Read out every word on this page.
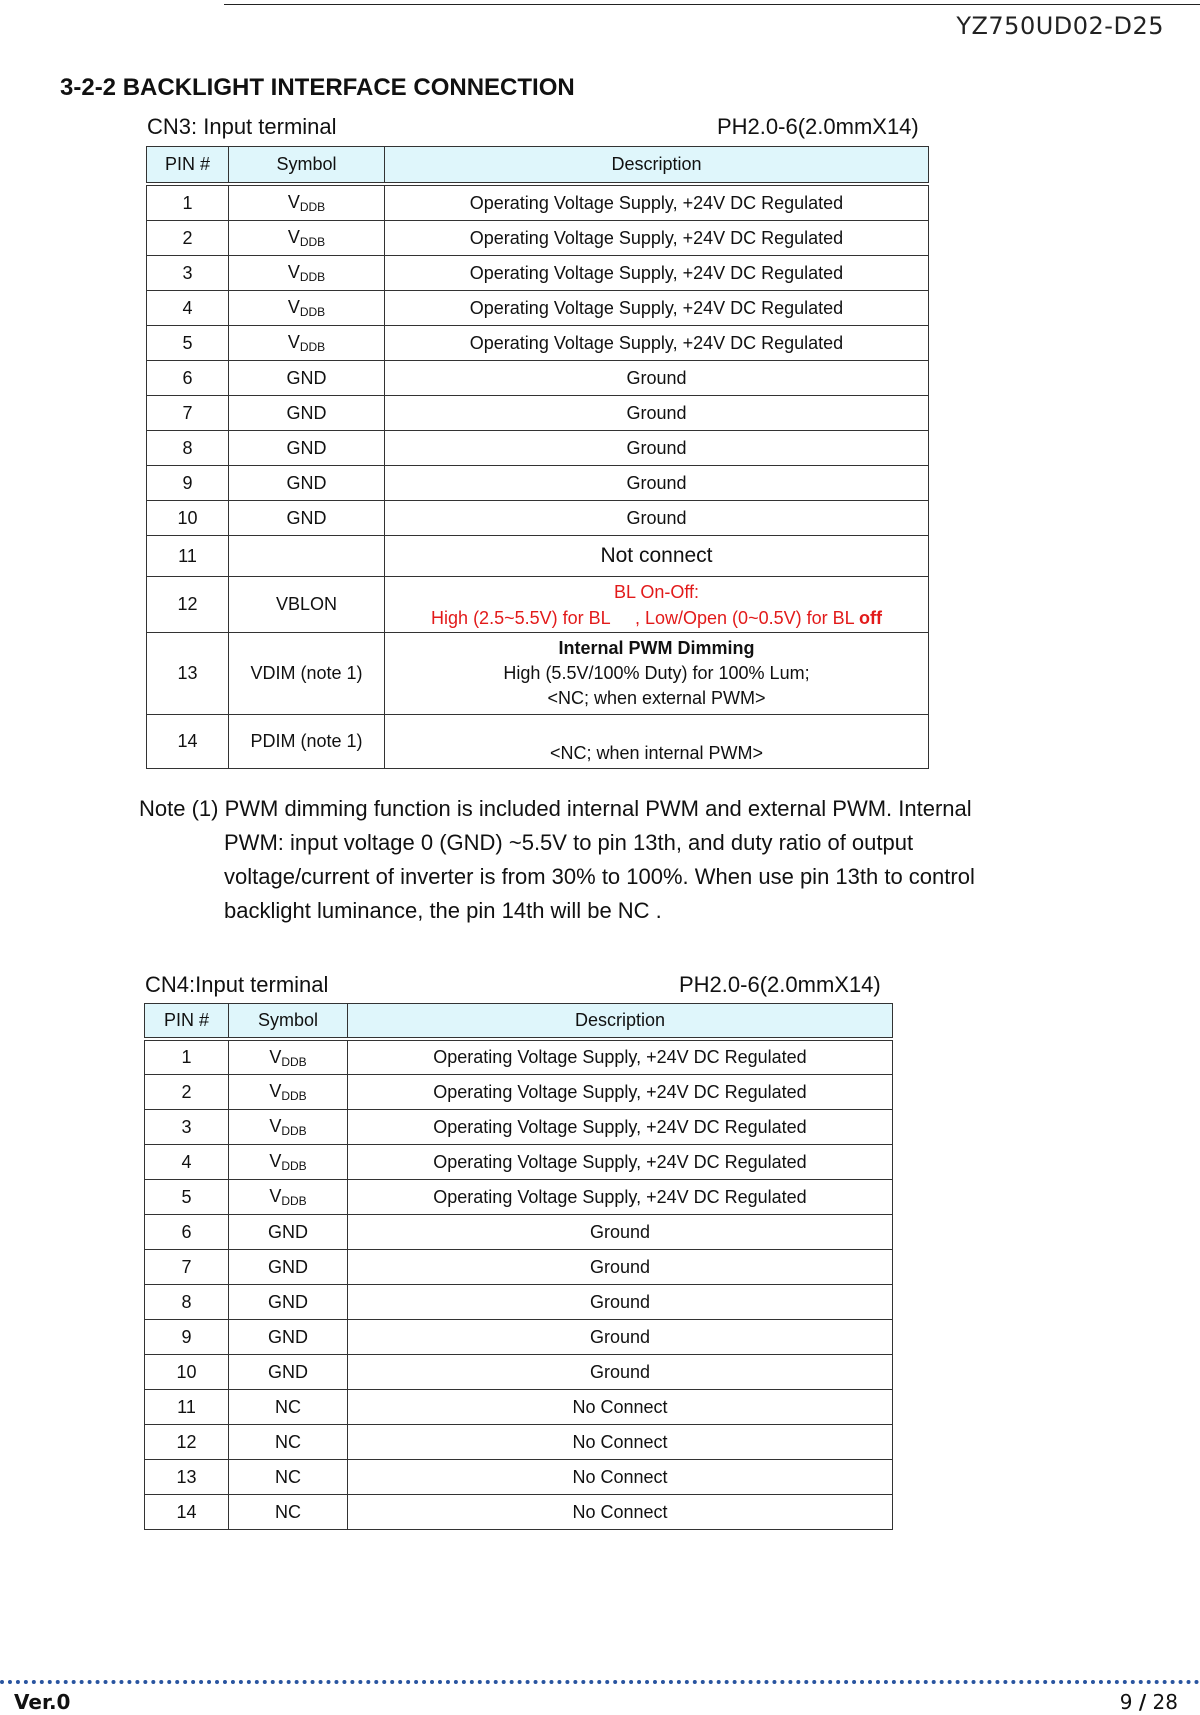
YZ750UD02-D25
3-2-2 BACKLIGHT INTERFACE CONNECTION
CN3: Input terminal	PH2.0-6(2.0mmX14)
PIN #	Symbol	Description

1	$V_{DDB}$	Operating Voltage Supply, +24V DC Regulated
2	$V_{DDB}$	Operating Voltage Supply, +24V DC Regulated
3	$V_{DDB}$	Operating Voltage Supply, +24V DC Regulated
4	$V_{DDB}$	Operating Voltage Supply, +24V DC Regulated
5	$V_{DDB}$	Operating Voltage Supply, +24V DC Regulated
6	GND	Ground
7	GND	Ground
8	GND	Ground
9	GND	Ground
10	GND	Ground
11		Not connect
12	VBLON	BL On-Off:
High (2.5~5.5V) for BL     , Low/Open (0~0.5V) for BL off

13	VDIM (note 1)	Internal PWM Dimming
High (5.5V/100% Duty) for 100% Lum;
<NC; when external PWM>

14	PDIM (note 1)	<NC; when internal PWM>
Note (1) PWM dimming function is included internal PWM and external PWM. Internal
PWM: input voltage 0 (GND) ~5.5V to pin 13th, and duty ratio of output
voltage/current of inverter is from 30% to 100%. When use pin 13th to control
backlight luminance, the pin 14th will be NC .
CN4:Input terminal	PH2.0-6(2.0mmX14)
PIN #	Symbol	Description

1	$V_{DDB}$	Operating Voltage Supply, +24V DC Regulated
2	$V_{DDB}$	Operating Voltage Supply, +24V DC Regulated
3	$V_{DDB}$	Operating Voltage Supply, +24V DC Regulated
4	$V_{DDB}$	Operating Voltage Supply, +24V DC Regulated
5	$V_{DDB}$	Operating Voltage Supply, +24V DC Regulated
6	GND	Ground
7	GND	Ground
8	GND	Ground
9	GND	Ground
10	GND	Ground
11	NC	No Connect
12	NC	No Connect
13	NC	No Connect
14	NC	No Connect
Ver.0	9 / 28
